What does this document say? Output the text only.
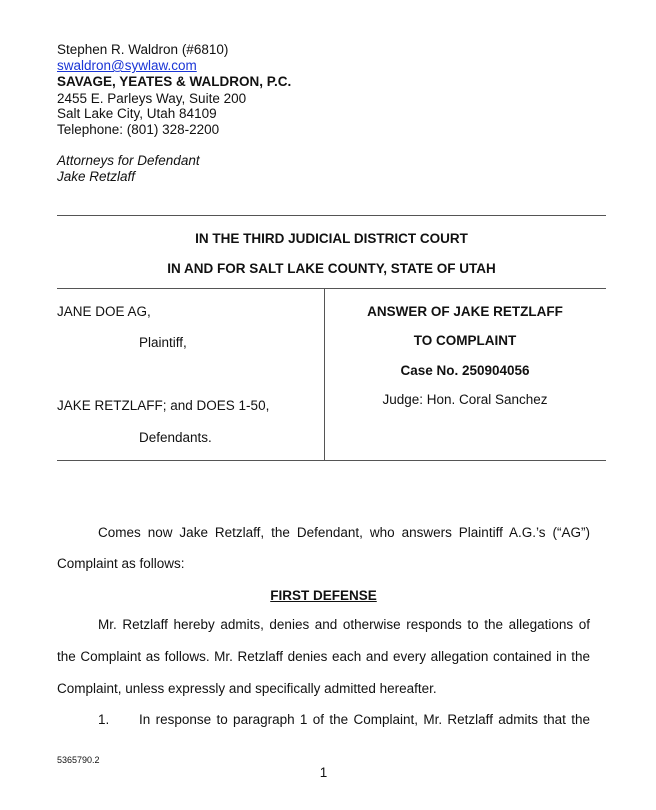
Stephen R. Waldron (#6810)
swaldron@sywlaw.com
SAVAGE, YEATES & WALDRON, P.C.
2455 E. Parleys Way, Suite 200
Salt Lake City, Utah 84109
Telephone: (801) 328-2200
Attorneys for Defendant
Jake Retzlaff
IN THE THIRD JUDICIAL DISTRICT COURT
IN AND FOR SALT LAKE COUNTY, STATE OF UTAH
JANE DOE AG,
Plaintiff,
JAKE RETZLAFF; and DOES 1-50,
Defendants.
ANSWER OF JAKE RETZLAFF
TO COMPLAINT
Case No. 250904056
Judge: Hon. Coral Sanchez
Comes now Jake Retzlaff, the Defendant, who answers Plaintiff A.G.’s (“AG”)
Complaint as follows:
FIRST DEFENSE
Mr. Retzlaff hereby admits, denies and otherwise responds to the allegations of
the Complaint as follows. Mr. Retzlaff denies each and every allegation contained in the
Complaint, unless expressly and specifically admitted hereafter.
1. In response to paragraph 1 of the Complaint, Mr. Retzlaff admits that the
5365790.2
1
